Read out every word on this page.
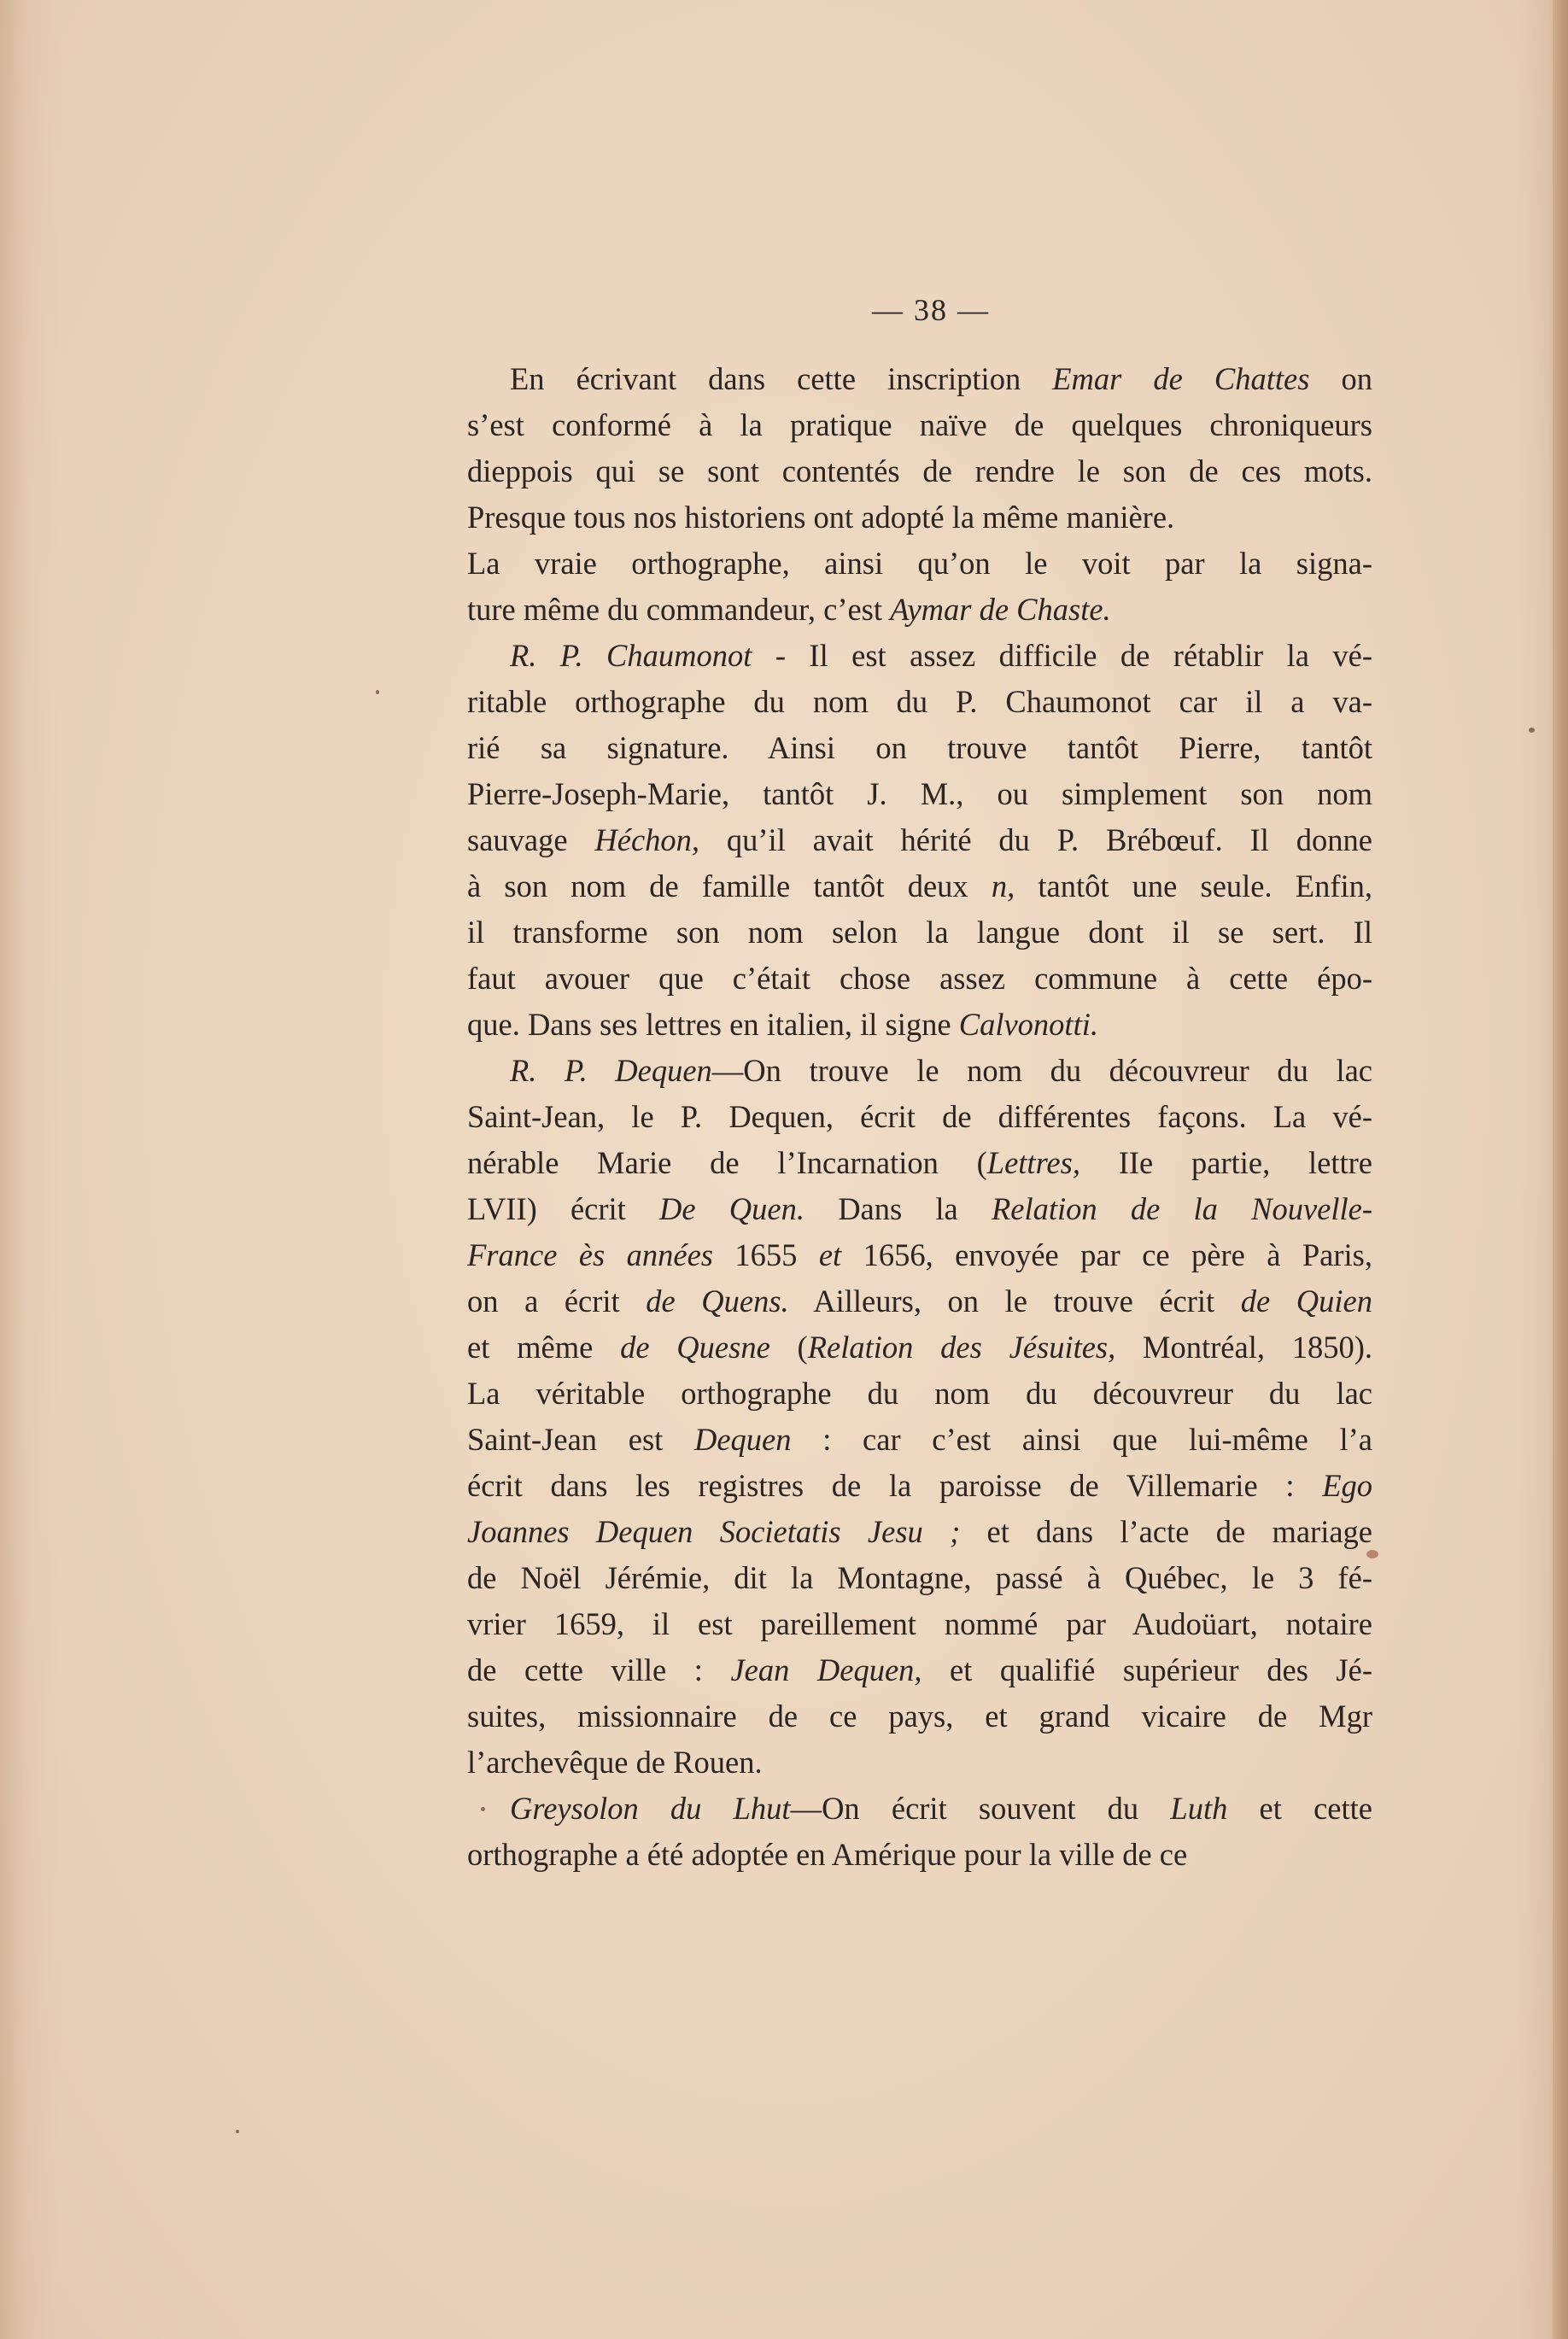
— 38 —
En écrivant dans cette inscription Emar de Chattes on
s’est conformé à la pratique naïve de quelques chroniqueurs
dieppois qui se sont contentés de rendre le son de ces mots.
Presque tous nos historiens ont adopté la même manière.
La vraie orthographe, ainsi qu’on le voit par la signa-
ture même du commandeur, c’est Aymar de Chaste.
R. P. Chaumonot - Il est assez difficile de rétablir la vé-
ritable orthographe du nom du P. Chaumonot car il a va-
rié sa signature. Ainsi on trouve tantôt Pierre, tantôt
Pierre-Joseph-Marie, tantôt J. M., ou simplement son nom
sauvage Héchon, qu’il avait hérité du P. Brébœuf. Il donne
à son nom de famille tantôt deux n, tantôt une seule. Enfin,
il transforme son nom selon la langue dont il se sert. Il
faut avouer que c’était chose assez commune à cette épo-
que. Dans ses lettres en italien, il signe Calvonotti.
R. P. Dequen—On trouve le nom du découvreur du lac
Saint-Jean, le P. Dequen, écrit de différentes façons. La vé-
nérable Marie de l’Incarnation (Lettres, IIe partie, lettre
LVII) écrit De Quen. Dans la Relation de la Nouvelle-
France ès années 1655 et 1656, envoyée par ce père à Paris,
on a écrit de Quens. Ailleurs, on le trouve écrit de Quien
et même de Quesne (Relation des Jésuites, Montréal, 1850).
La véritable orthographe du nom du découvreur du lac
Saint-Jean est Dequen : car c’est ainsi que lui-même l’a
écrit dans les registres de la paroisse de Villemarie : Ego
Joannes Dequen Societatis Jesu ; et dans l’acte de mariage
de Noël Jérémie, dit la Montagne, passé à Québec, le 3 fé-
vrier 1659, il est pareillement nommé par Audoüart, notaire
de cette ville : Jean Dequen, et qualifié supérieur des Jé-
suites, missionnaire de ce pays, et grand vicaire de Mgr
l’archevêque de Rouen.
Greysolon du Lhut—On écrit souvent du Luth et cette
orthographe a été adoptée en Amérique pour la ville de ce
